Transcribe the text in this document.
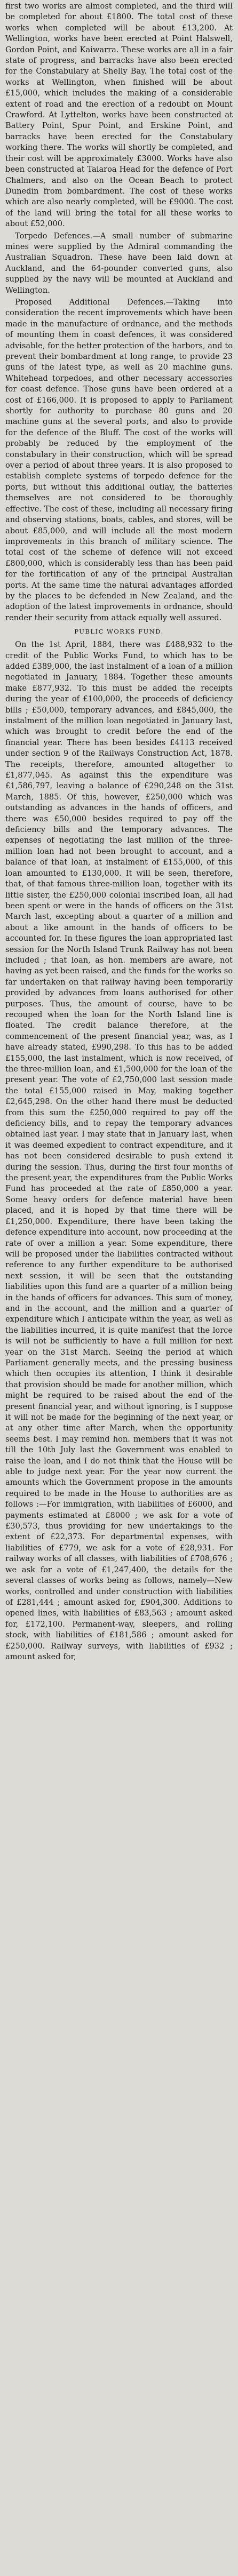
first two works are almost completed, and the third will be completed for about £1800. The total cost of these works when completed will be about £13,200. At Wellington, works have been erected at Point Halswell, Gordon Point, and Kaiwarra. These works are all in a fair state of progress, and barracks have also been erected for the Constabulary at Shelly Bay. The total cost of the works at Wellington, when finished will be about £15,000, which includes the making of a considerable extent of road and the erection of a redoubt on Mount Crawford. At Lyttelton, works have been constructed at Battery Point, Spur Point, and Erskine Point, and barracks have been erected for the Constabulary working there. The works will shortly be completed, and their cost will be approximately £3000. Works have also been constructed at Taiaroa Head for the defence of Port Chalmers, and also on the Ocean Beach to protect Dunedin from bombardment. The cost of these works which are also nearly completed, will be £9000. The cost of the land will bring the total for all these works to about £52,000.

Torpedo Defences.—A small number of submarine mines were supplied by the Admiral commanding the Australian Squadron. These have been laid down at Auckland, and the 64-pounder converted guns, also supplied by the navy will be mounted at Auckland and Wellington.

Proposed Additional Defences.—Taking into consideration the recent improvements which have been made in the manufacture of ordnance, and the methods of mounting them in coast defences, it was considered advisable, for the better protection of the harbors, and to prevent their bombardment at long range, to provide 23 guns of the latest type, as well as 20 machine guns. Whitehead torpedoes, and other necessary accessories for coast defence. Those guns have been ordered at a cost of £166,000. It is proposed to apply to Parliament shortly for authority to purchase 80 guns and 20 machine guns at the several ports, and also to provide for the defence of the Bluff. The cost of the works will probably be reduced by the employment of the constabulary in their construction, which will be spread over a period of about three years. It is also proposed to establish complete systems of torpedo defence for the ports, but without this additional outlay, the batteries themselves are not considered to be thoroughly effective. The cost of these, including all necessary firing and observing stations, boats, cables, and stores, will be about £85,000, and will include all the most modern improvements in this branch of military science. The total cost of the scheme of defence will not exceed £800,000, which is considerably less than has been paid for the fortification of any of the principal Australian ports. At the same time the natural advantages afforded by the places to be defended in New Zealand, and the adoption of the latest improvements in ordnance, should render their security from attack equally well assured.

PUBLIC WORKS FUND.

On the 1st April, 1884, there was £488,932 to the credit of the Public Works Fund, to which has to be added £389,000, the last instalment of a loan of a million negotiated in January, 1884. Together these amounts make £877,932. To this must be added the receipts during the year of £100,000, the proceeds of deficiency bills ; £50,000, temporary advances, and £845,000, the instalment of the million loan negotiated in January last, which was brought to credit before the end of the financial year. There has been besides £4113 received under section 9 of the Railways Construction Act, 1878. The receipts, therefore, amounted altogether to £1,877,045. As against this the expenditure was £1,586,797, leaving a balance of £290,248 on the 31st March, 1885. Of this, however, £250,000 which was outstanding as advances in the hands of officers, and there was £50,000 besides required to pay off the deficiency bills and the temporary advances. The expenses of negotiating the last million of the three-million loan had not been brought to account, and a balance of that loan, at instalment of £155,000, of this loan amounted to £130,000. It will be seen, therefore, that, of that famous three-million loan, together with its little sister, the £250,000 colonial inscribed loan, all had been spent or were in the hands of officers on the 31st March last, excepting about a quarter of a million and about a like amount in the hands of officers to be accounted for. In these figures the loan appropriated last session for the North Island Trunk Railway has not been included ; that loan, as hon. members are aware, not having as yet been raised, and the funds for the works so far undertaken on that railway having been temporarily provided by advances from loans authorised for other purposes. Thus, the amount of course, have to be recouped when the loan for the North Island line is floated. The credit balance therefore, at the commencement of the present financial year, was, as I have already stated, £990,298. To this has to be added £155,000, the last instalment, which is now received, of the three-million loan, and £1,500,000 for the loan of the present year. The vote of £2,750,000 last session made the total £155,000 raised in May, making together £2,645,298. On the other hand there must be deducted from this sum the £250,000 required to pay off the deficiency bills, and to repay the temporary advances obtained last year. I may state that in January last, when it was deemed expedient to contract expenditure, and it has not been considered desirable to push extend it during the session. Thus, during the first four months of the present year, the expenditures from the Public Works Fund has proceeded at the rate of £850,000 a year. Some heavy orders for defence material have been placed, and it is hoped by that time there will be £1,250,000. Expenditure, there have been taking the defence expenditure into account, now proceeding at the rate of over a million a year. Some expenditure, there will be proposed under the liabilities contracted without reference to any further expenditure to be authorised next session, it will be seen that the outstanding liabilities upon this fund are a quarter of a million being in the hands of officers for advances. This sum of money, and in the account, and the million and a quarter of expenditure which I anticipate within the year, as well as the liabilities incurred, it is quite manifest that the lorce is will not be sufficiently to have a full million for next year on the 31st March. Seeing the period at which Parliament generally meets, and the pressing business which then occupies its attention, I think it desirable that provision should be made for another million, which might be required to be raised about the end of the present financial year, and without ignoring, is I suppose it will not be made for the beginning of the next year, or at any other time after March, when the opportunity seems best. I may remind hon. members that it was not till the 10th July last the Government was enabled to raise the loan, and I do not think that the House will be able to judge next year. For the year now current the amounts which the Government propose in the amounts required to be made in the House to authorities are as follows :—For immigration, with liabilities of £6000, and payments estimated at £8000 ; we ask for a vote of £30,573, thus providing for new undertakings to the extent of £22,373. For departmental expenses, with liabilities of £779, we ask for a vote of £28,931. For railway works of all classes, with liabilities of £708,676 ; we ask for a vote of £1,247,400, the details for the several classes of works being as follows, namely—New works, controlled and under construction with liabilities of £281,444 ; amount asked for, £904,300. Additions to opened lines, with liabilities of £83,563 ; amount asked for, £172,100. Permanent-way, sleepers, and rolling stock, with liabilities of £181,586 ; amount asked for £250,000. Railway surveys, with liabilities of £932 ; amount asked for,
